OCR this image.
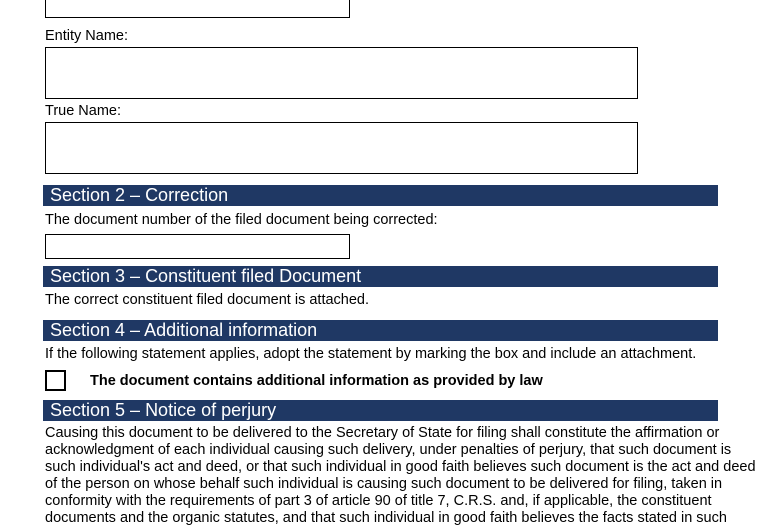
Entity Name:
True Name:
Section 2 – Correction
The document number of the filed document being corrected:
Section 3 – Constituent filed Document
The correct constituent filed document is attached.
Section 4 – Additional information
If the following statement applies, adopt the statement by marking the box and include an attachment.
The document contains additional information as provided by law
Section 5 – Notice of perjury
Causing this document to be delivered to the Secretary of State for filing shall constitute the affirmation or
acknowledgment of each individual causing such delivery, under penalties of perjury, that such document is
such individual's act and deed, or that such individual in good faith believes such document is the act and deed
of the person on whose behalf such individual is causing such document to be delivered for filing, taken in
conformity with the requirements of part 3 of article 90 of title 7, C.R.S. and, if applicable, the constituent
documents and the organic statutes, and that such individual in good faith believes the facts stated in such
